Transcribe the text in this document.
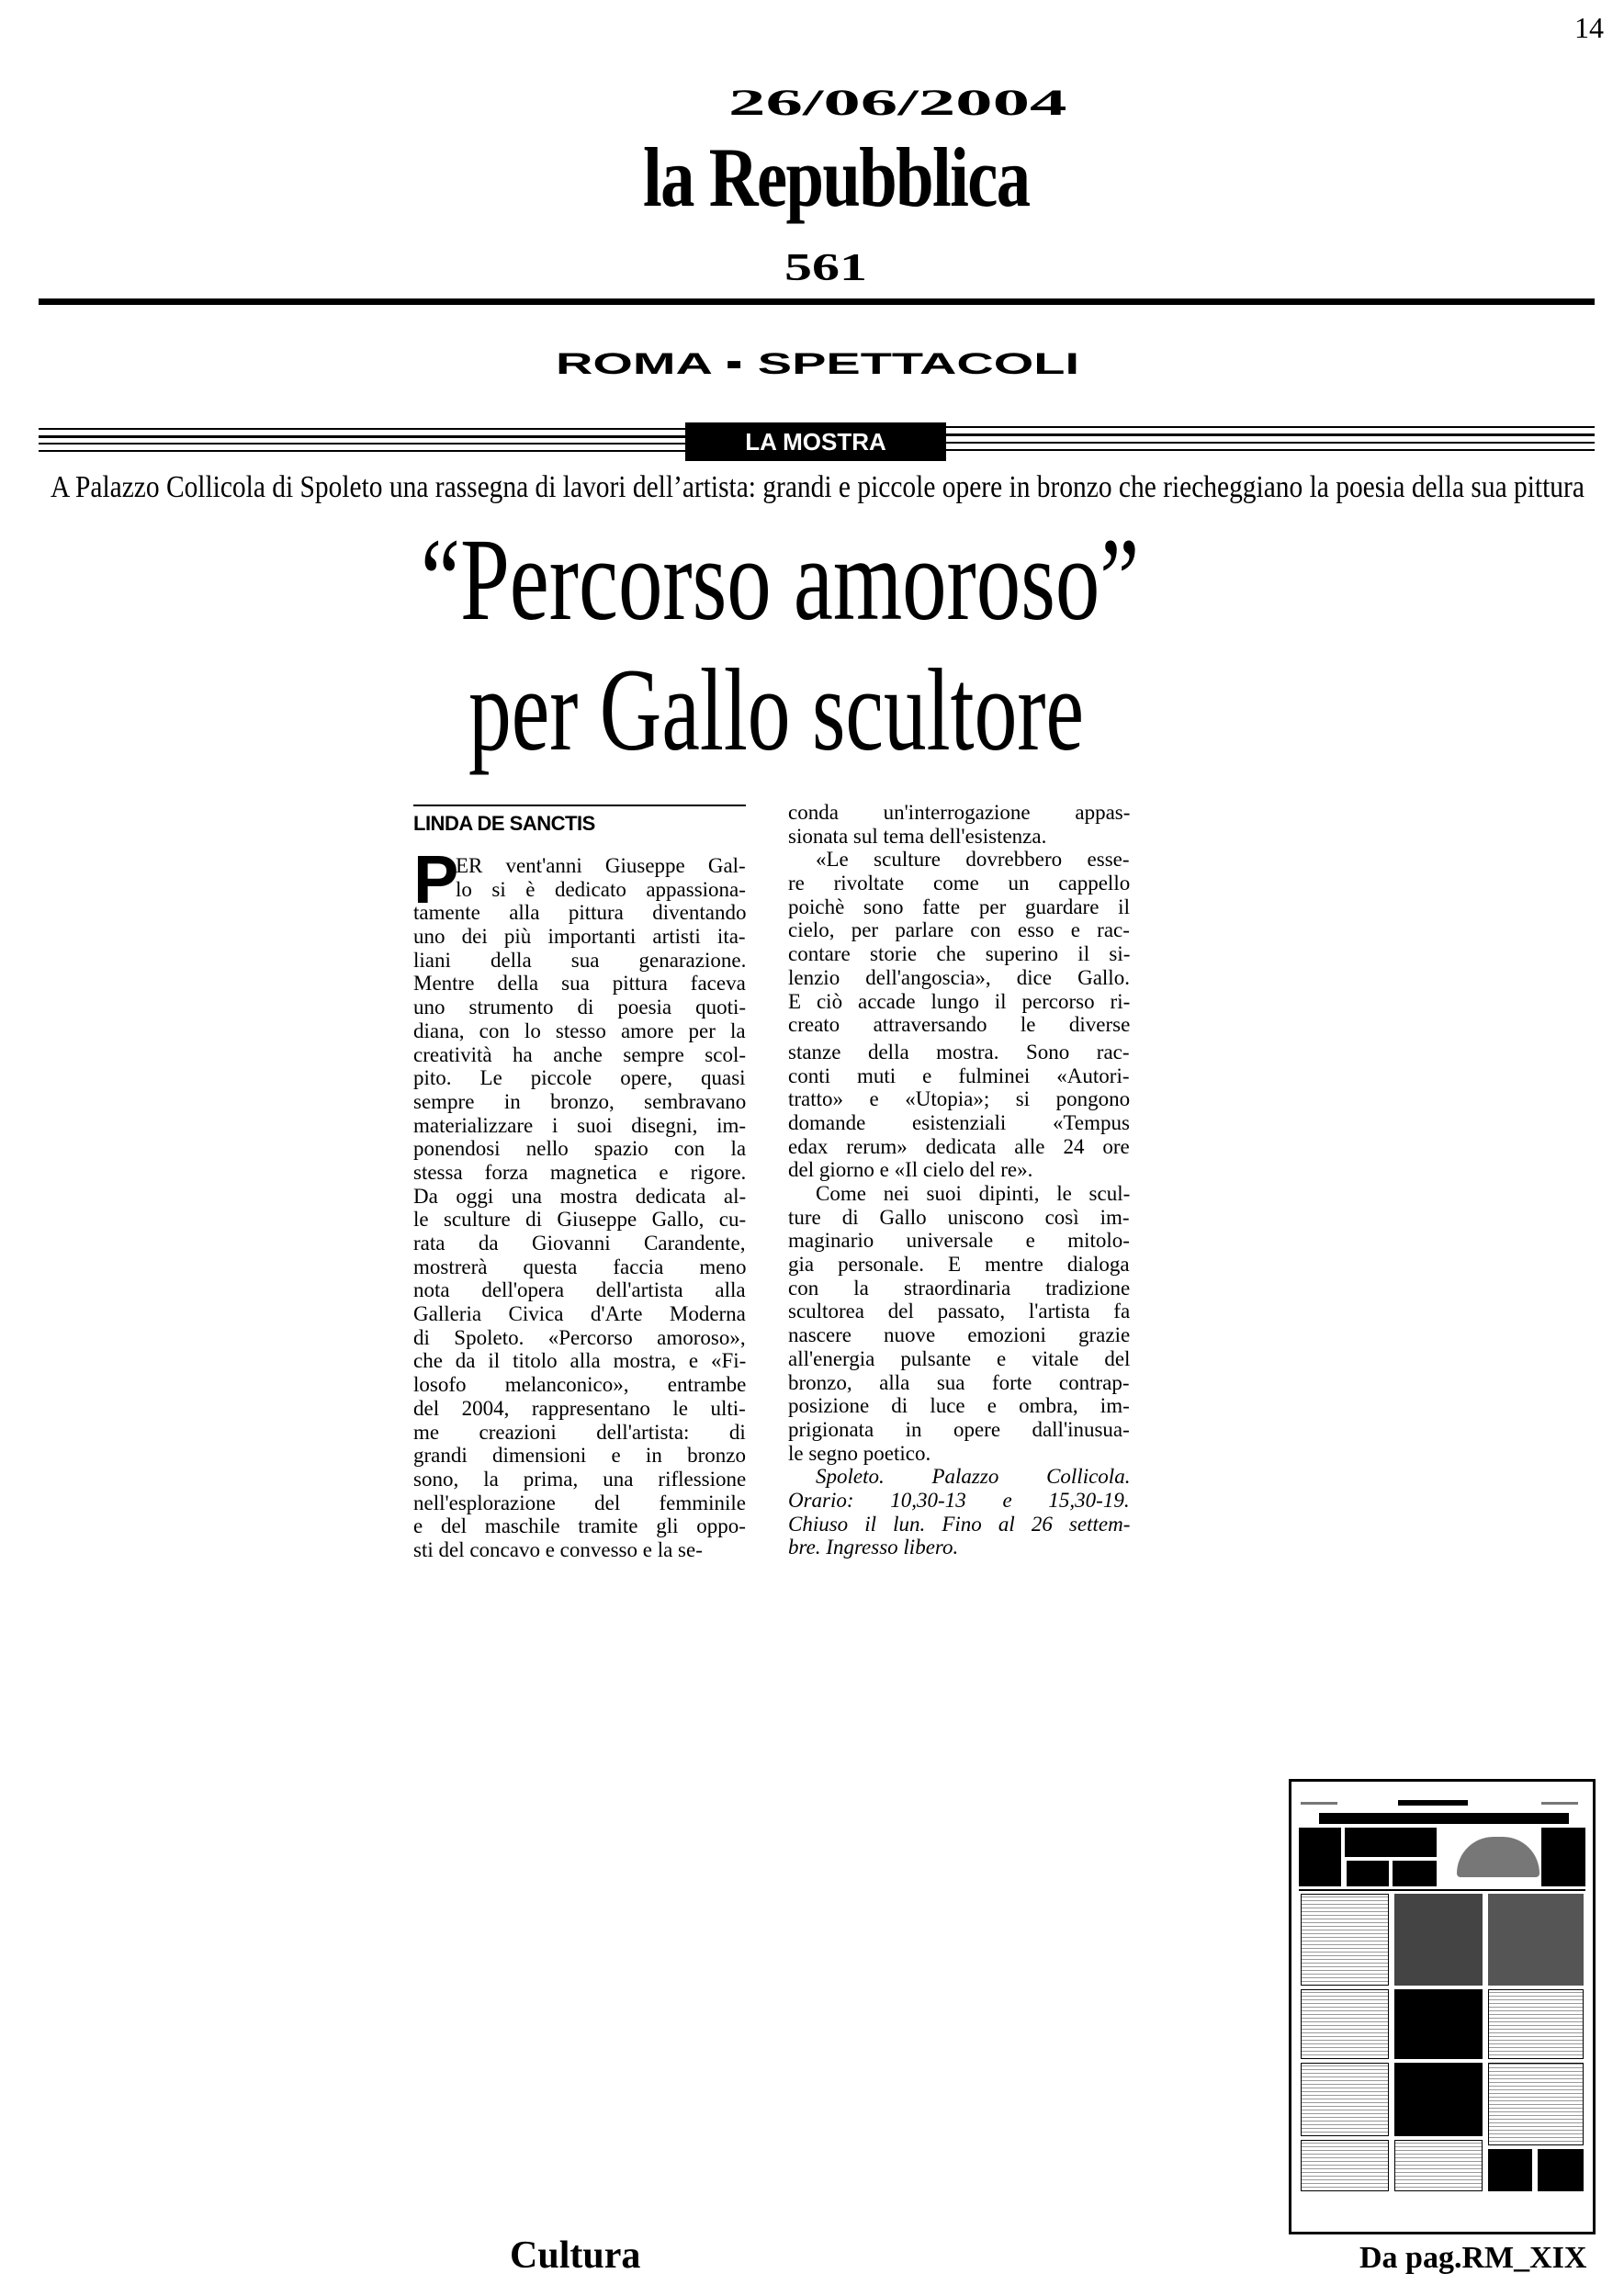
14
26/06/2004
la Repubblica
561
ROMA ▪ SPETTACOLI
LA MOSTRA
A Palazzo Collicola di Spoleto una rassegna di lavori dell’artista: grandi e piccole opere in bronzo che riecheggiano la poesia della sua pittura
“Percorso amoroso”
per Gallo scultore
LINDA DE SANCTIS
P
ER vent'anni Giuseppe Gal-
lo si è dedicato appassiona-
tamente alla pittura diventando
uno dei più importanti artisti ita-
liani della sua genarazione.
Mentre della sua pittura faceva
uno strumento di poesia quoti-
diana, con lo stesso amore per la
creatività ha anche sempre scol-
pito. Le piccole opere, quasi
sempre in bronzo, sembravano
materializzare i suoi disegni, im-
ponendosi nello spazio con la
stessa forza magnetica e rigore.
Da oggi una mostra dedicata al-
le sculture di Giuseppe Gallo, cu-
rata da Giovanni Carandente,
mostrerà questa faccia meno
nota dell'opera dell'artista alla
Galleria Civica d'Arte Moderna
di Spoleto. «Percorso amoroso»,
che da il titolo alla mostra, e «Fi-
losofo melanconico», entrambe
del 2004, rappresentano le ulti-
me creazioni dell'artista: di
grandi dimensioni e in bronzo
sono, la prima, una riflessione
nell'esplorazione del femminile
e del maschile tramite gli oppo-
sti del concavo e convesso e la se-
conda un'interrogazione appas-
sionata sul tema dell'esistenza.
«Le sculture dovrebbero esse-
re rivoltate come un cappello
poichè sono fatte per guardare il
cielo, per parlare con esso e rac-
contare storie che superino il si-
lenzio dell'angoscia», dice Gallo.
E ciò accade lungo il percorso ri-
creato attraversando le diverse
stanze della mostra. Sono rac-
conti muti e fulminei «Autori-
tratto» e «Utopia»; si pongono
domande esistenziali «Tempus
edax rerum» dedicata alle 24 ore
del giorno e «Il cielo del re».
Come nei suoi dipinti, le scul-
ture di Gallo uniscono così im-
maginario universale e mitolo-
gia personale. E mentre dialoga
con la straordinaria tradizione
scultorea del passato, l'artista fa
nascere nuove emozioni grazie
all'energia pulsante e vitale del
bronzo, alla sua forte contrap-
posizione di luce e ombra, im-
prigionata in opere dall'inusua-
le segno poetico.
Spoleto. Palazzo Collicola.
Orario: 10,30-13 e 15,30-19.
Chiuso il lun. Fino al 26 settem-
bre. Ingresso libero.
Cultura	Da pag.RM_XIX
